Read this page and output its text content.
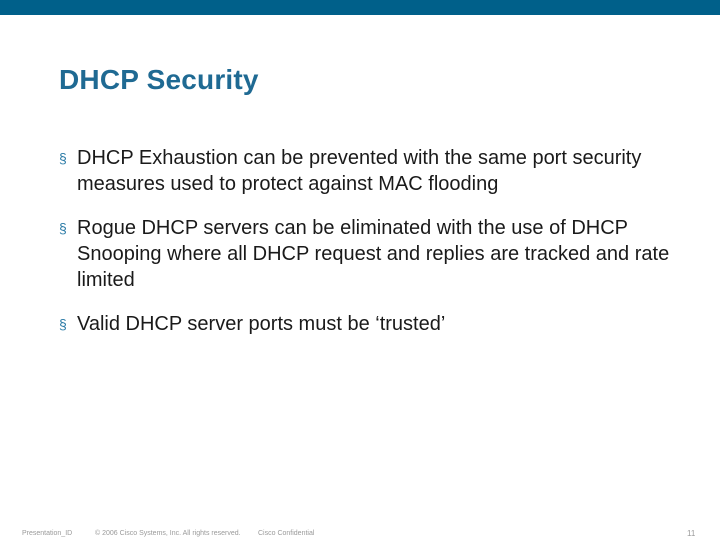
DHCP Security
§ DHCP Exhaustion can be prevented with the same port security measures used to protect against MAC flooding
§ Rogue DHCP servers can be eliminated with the use of DHCP Snooping where all DHCP request and replies are tracked and rate limited
§ Valid DHCP server ports must be ‘trusted’
Presentation_ID	© 2006 Cisco Systems, Inc. All rights reserved. Cisco Confidential	11
